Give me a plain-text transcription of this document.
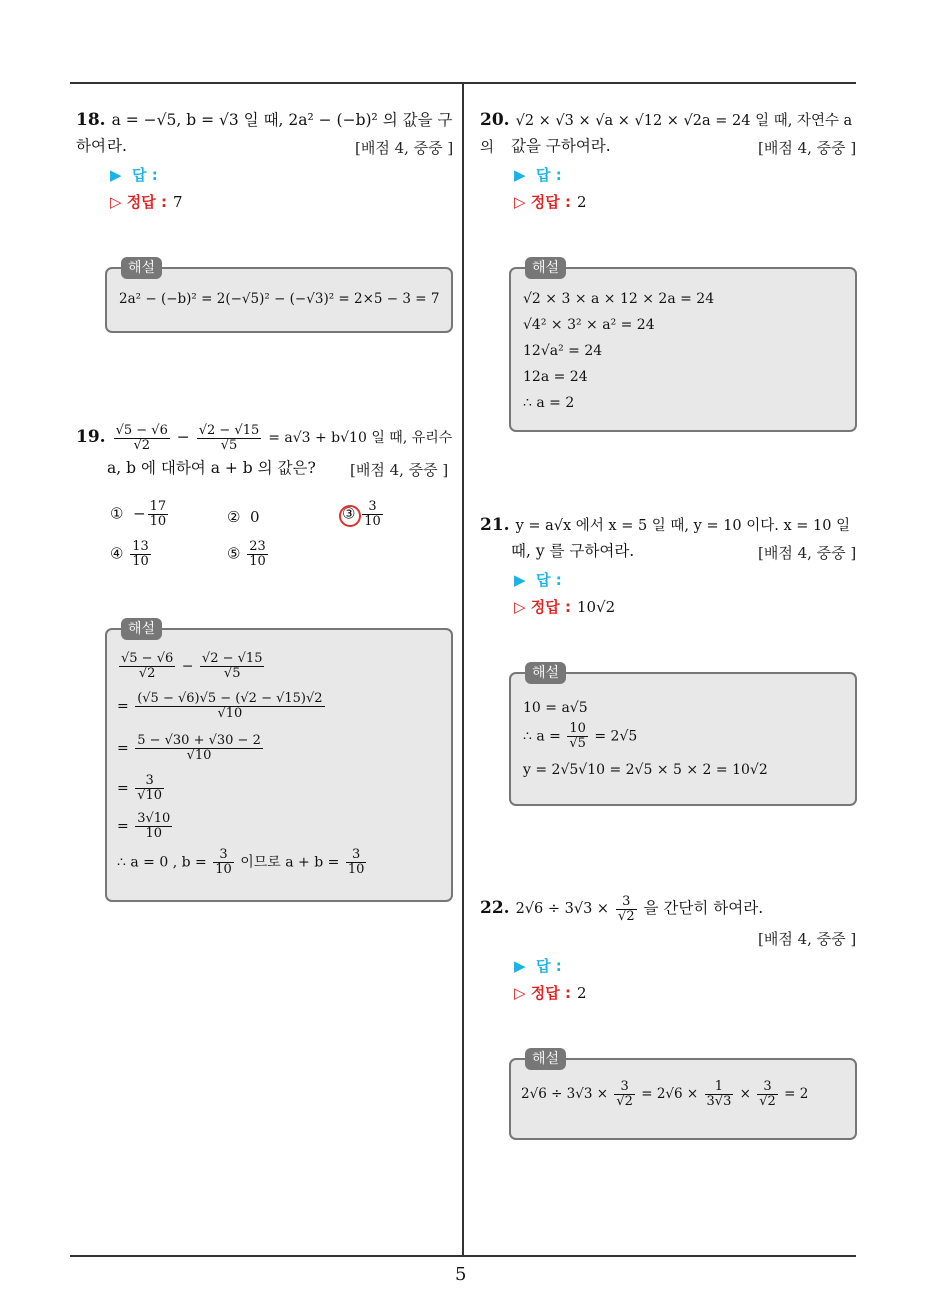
5
18. a = −√5, b = √3 일 때, 2a² − (−b)² 의 값을 구하여 라.	[배점 4, 중중 ]
▶ 답 :
▷ 정답 : 7
해설
2a² − (−b)² = 2(−√5)² − (−√3)² = 2×5 − 3 = 7
19. $\frac{√5 - √6}{√2} - \frac{√2 - √15}{√5} = a√3 + b√10$ 일 때, 유리수
a, b 에 대하여 a + b 의 값은? [배점 4, 중중 ]
① − $\frac{17}{10}$	② 0	③ $\frac{3}{10}$
④ $\frac{13}{10}$	⑤ $\frac{23}{10}$
해설
$\frac{√5 - √6}{√2} - \frac{√2 - √15}{√5}$
= $\frac{(√5 - √6)√5 - (√2 - √15)√2}{√10}$
= $\frac{5 - √30 + √30 - 2}{√10}$
= $\frac{3}{√10}$
= $\frac{3√10}{10}$
∴ a = 0 , $b = \frac{3}{10}$ 이므로 $a + b = \frac{3}{10}$
20. √2 × √3 × √a × √12 × √2a = 24 일 때, 자연수 a 의	값을 구하여라.	[배점 4, 중중 ]
▶ 답 :
▷ 정답 : 2
해설
√2 × 3 × a × 12 × 2a = 24
√4² × 3² × a² = 24
12√a² = 24
12a = 24
∴ a = 2
21. y = a√x 에서 x = 5 일 때, y = 10 이다. x = 10 일
때, y 를 구하여라.	[배점 4, 중중 ]
▶ 답 :
▷ 정답 : 10√2
해설
10 = a√5
∴ $a = \frac{10}{√5} = 2√5$
y = 2√5√10 = 2√5 × 5 × 2 = 10√2
22. $2√6 \div 3√3 \times \frac{3}{√2}$ 을 간단히 하여라.
[배점 4, 중중 ]
▶ 답 :
▷ 정답 : 2
해설
$2√6 \div 3√3 \times \frac{3}{√2} = 2√6 \times \frac{1}{3√3} \times \frac{3}{√2} = 2$
